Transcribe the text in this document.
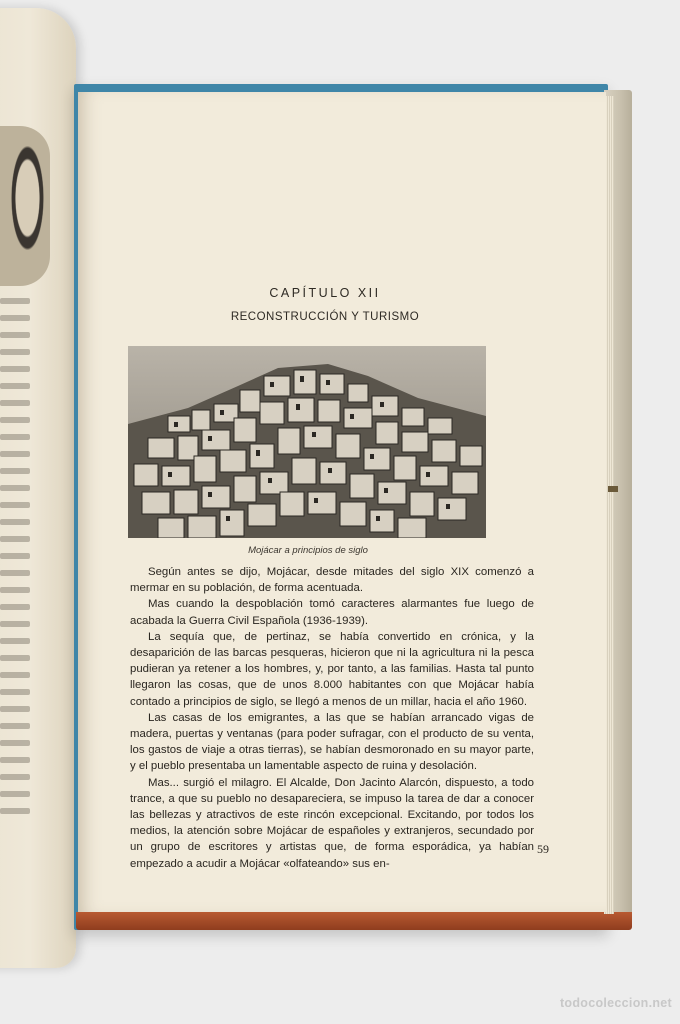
CAPÍTULO XII
RECONSTRUCCIÓN Y TURISMO
Mojácar a principios de siglo

Según antes se dijo, Mojácar, desde mitades del siglo XIX comenzó a mermar en su población, de forma acentuada.

Mas cuando la despoblación tomó caracteres alarmantes fue luego de acabada la Guerra Civil Española (1936-1939).

La sequía que, de pertinaz, se había convertido en crónica, y la desaparición de las barcas pesqueras, hicieron que ni la agricultura ni la pesca pudieran ya retener a los hombres, y, por tanto, a las familias. Hasta tal punto llegaron las cosas, que de unos 8.000 habitantes con que Mojácar había contado a principios de siglo, se llegó a menos de un millar, hacia el año 1960.

Las casas de los emigrantes, a las que se habían arrancado vigas de madera, puertas y ventanas (para poder sufragar, con el producto de su venta, los gastos de viaje a otras tierras), se habían desmoronado en su mayor parte, y el pueblo presentaba un lamentable aspecto de ruina y desolación.

Mas... surgió el milagro. El Alcalde, Don Jacinto Alarcón, dispuesto, a todo trance, a que su pueblo no desapareciera, se impuso la tarea de dar a conocer las bellezas y atractivos de este rincón excepcional. Excitando, por todos los medios, la atención sobre Mojácar de españoles y extranjeros, secundado por un grupo de escritores y artistas que, de forma esporádica, ya habían empezado a acudir a Mojácar «olfateando» sus en-

59
todocoleccion.net
